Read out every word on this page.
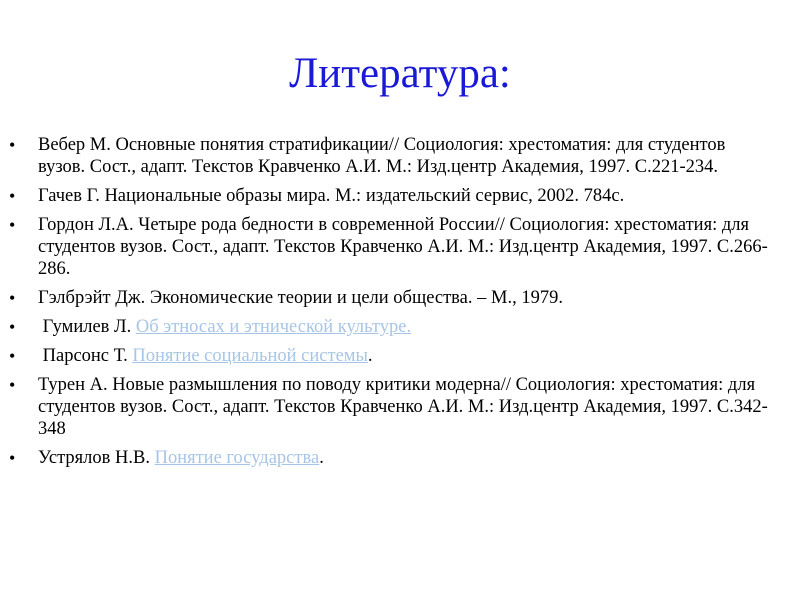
Литература:
• Вебер М. Основные понятия стратификации// Социология: хрестоматия: для студентов вузов. Сост., адапт. Текстов Кравченко А.И. М.: Изд.центр Академия, 1997. С.221-234.
• Гачев Г. Национальные образы мира. М.: издательский сервис, 2002. 784с.
• Гордон Л.А. Четыре рода бедности в современной России// Социология: хрестоматия: для студентов вузов. Сост., адапт. Текстов Кравченко А.И. М.: Изд.центр Академия, 1997. С.266-286.
• Гэлбрэйт Дж. Экономические теории и цели общества. – М., 1979.
• Гумилев Л. Об этносах и этнической культуре.
• Парсонс Т. Понятие социальной системы.
• Турен А. Новые размышления по поводу критики модерна// Социология: хрестоматия: для студентов вузов. Сост., адапт. Текстов Кравченко А.И. М.: Изд.центр Академия, 1997. С.342-348
• Устрялов Н.В. Понятие государства.
